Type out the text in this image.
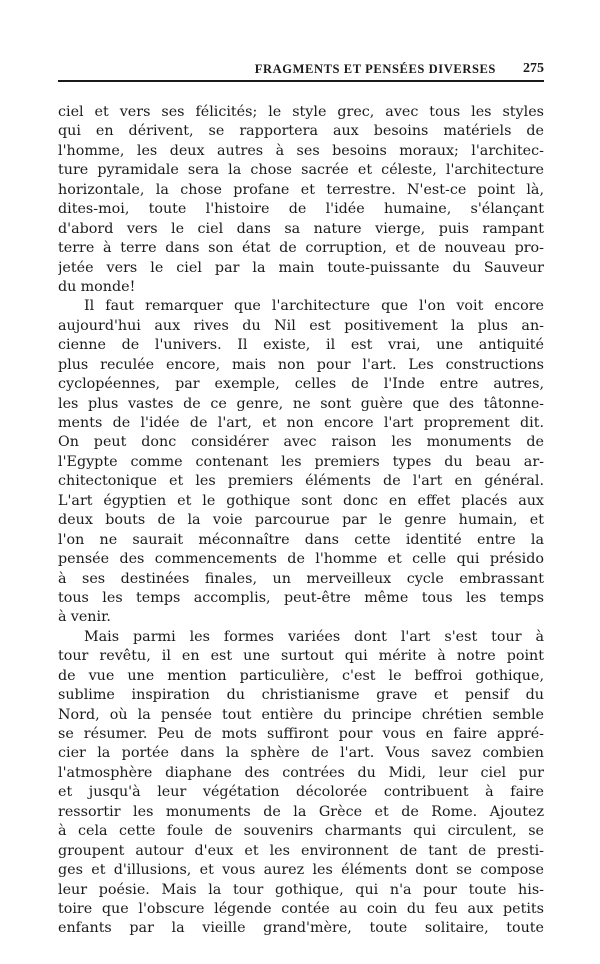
FRAGMENTS ET PENSÉES DIVERSES 275
ciel et vers ses félicités; le style grec, avec tous les styles
qui en dérivent, se rapportera aux besoins matériels de
l'homme, les deux autres à ses besoins moraux; l'architec-
ture pyramidale sera la chose sacrée et céleste, l'architecture
horizontale, la chose profane et terrestre. N'est-ce point là,
dites-moi, toute l'histoire de l'idée humaine, s'élançant
d'abord vers le ciel dans sa nature vierge, puis rampant
terre à terre dans son état de corruption, et de nouveau pro-
jetée vers le ciel par la main toute-puissante du Sauveur
du monde!
Il faut remarquer que l'architecture que l'on voit encore
aujourd'hui aux rives du Nil est positivement la plus an-
cienne de l'univers. Il existe, il est vrai, une antiquité
plus reculée encore, mais non pour l'art. Les constructions
cyclopéennes, par exemple, celles de l'Inde entre autres,
les plus vastes de ce genre, ne sont guère que des tâtonne-
ments de l'idée de l'art, et non encore l'art proprement dit.
On peut donc considérer avec raison les monuments de
l'Egypte comme contenant les premiers types du beau ar-
chitectonique et les premiers éléments de l'art en général.
L'art égyptien et le gothique sont donc en effet placés aux
deux bouts de la voie parcourue par le genre humain, et
l'on ne saurait méconnaître dans cette identité entre la
pensée des commencements de l'homme et celle qui présido
à ses destinées finales, un merveilleux cycle embrassant
tous les temps accomplis, peut-être même tous les temps
à venir.
Mais parmi les formes variées dont l'art s'est tour à
tour revêtu, il en est une surtout qui mérite à notre point
de vue une mention particulière, c'est le beffroi gothique,
sublime inspiration du christianisme grave et pensif du
Nord, où la pensée tout entière du principe chrétien semble
se résumer. Peu de mots suffiront pour vous en faire appré-
cier la portée dans la sphère de l'art. Vous savez combien
l'atmosphère diaphane des contrées du Midi, leur ciel pur
et jusqu'à leur végétation décolorée contribuent à faire
ressortir les monuments de la Grèce et de Rome. Ajoutez
à cela cette foule de souvenirs charmants qui circulent, se
groupent autour d'eux et les environnent de tant de presti-
ges et d'illusions, et vous aurez les éléments dont se compose
leur poésie. Mais la tour gothique, qui n'a pour toute his-
toire que l'obscure légende contée au coin du feu aux petits
enfants par la vieille grand'mère, toute solitaire, toute
